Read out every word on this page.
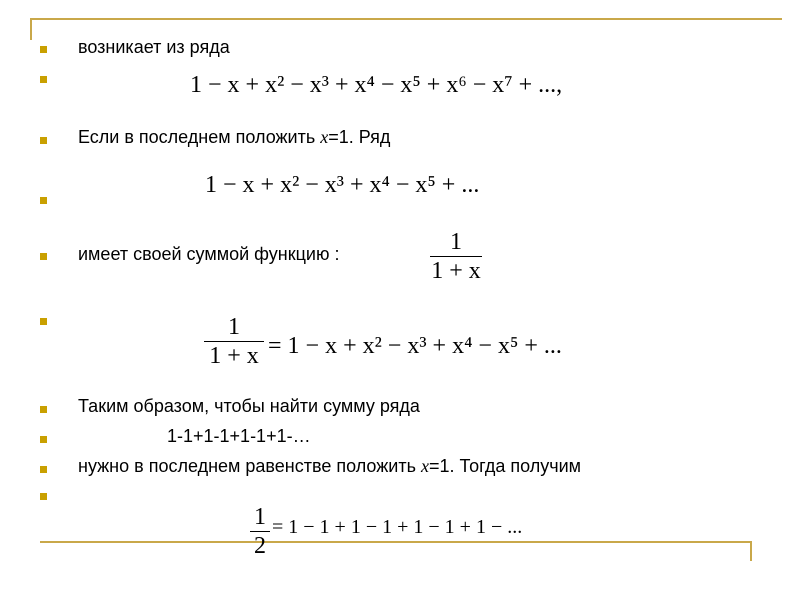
возникает из ряда
1 − x + x² − x³ + x⁴ − x⁵ + x⁶ − x⁷ + ...,
Если в последнем положить x=1. Ряд
1 − x + x² − x³ + x⁴ − x⁵ + ...
имеет своей суммой функцию :	1
1 + x
1
1 + x = 1 − x + x² − x³ + x⁴ − x⁵ + ...
Таким образом, чтобы найти сумму ряда
1-1+1-1+1-1+1-…
нужно в последнем равенстве положить x=1. Тогда получим
1
2
= 1 − 1 + 1 − 1 + 1 − 1 + 1 − ...
